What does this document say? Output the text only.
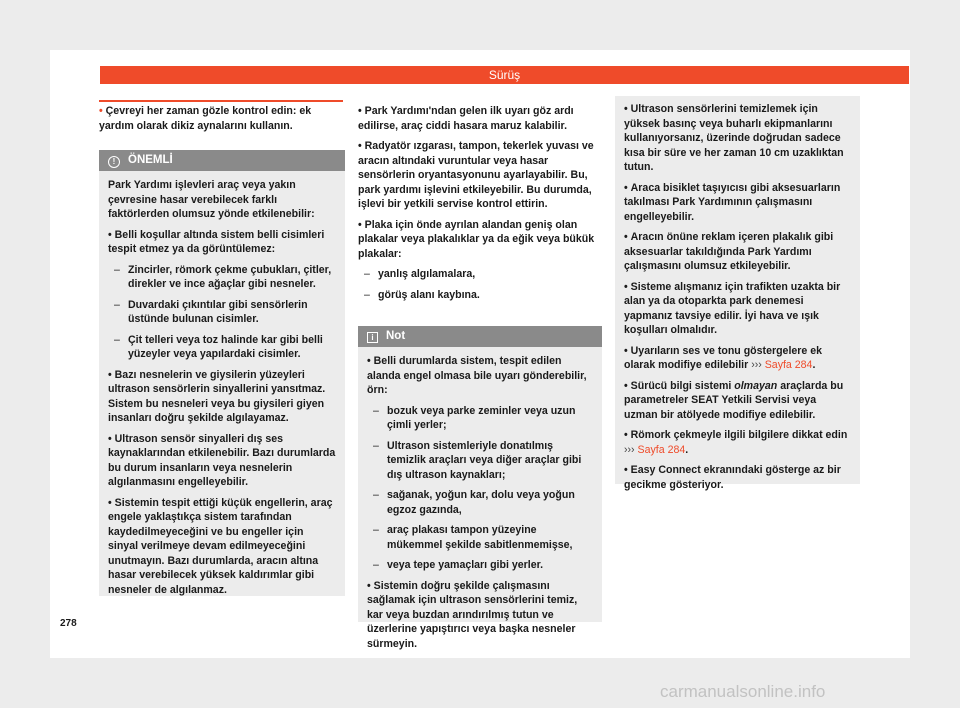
Sürüş

• Çevreyi her zaman gözle kontrol edin: ek yardım olarak dikiz aynalarını kullanın.

! ÖNEMLİ

Park Yardımı işlevleri araç veya yakın çevresine hasar verebilecek farklı faktörlerden olumsuz yönde etkilenebilir:

• Belli koşullar altında sistem belli cisimleri tespit etmez ya da görüntülemez:

– Zincirler, römork çekme çubukları, çitler, direkler ve ince ağaçlar gibi nesneler.

– Duvardaki çıkıntılar gibi sensörlerin üstünde bulunan cisimler.

– Çit telleri veya toz halinde kar gibi belli yüzeyler veya yapılardaki cisimler.

• Bazı nesnelerin ve giysilerin yüzeyleri ultrason sensörlerin sinyallerini yansıtmaz. Sistem bu nesneleri veya bu giysileri giyen insanları doğru şekilde algılayamaz.

• Ultrason sensör sinyalleri dış ses kaynaklarından etkilenebilir. Bazı durumlarda bu durum insanların veya nesnelerin algılanmasını engelleyebilir.

• Sistemin tespit ettiği küçük engellerin, araç engele yaklaştıkça sistem tarafından kaydedilmeyeceğini ve bu engeller için sinyal verilmeye devam edilmeyeceğini unutmayın. Bazı durumlarda, aracın altına hasar verebilecek yüksek kaldırımlar gibi nesneler de algılanmaz.

• Park Yardımı'ndan gelen ilk uyarı göz ardı edilirse, araç ciddi hasara maruz kalabilir.

• Radyatör ızgarası, tampon, tekerlek yuvası ve aracın altındaki vuruntular veya hasar sensörlerin oryantasyonunu ayarlayabilir. Bu, park yardımı işlevini etkileyebilir. Bu durumda, işlevi bir yetkili servise kontrol ettirin.

• Plaka için önde ayrılan alandan geniş olan plakalar veya plakalıklar ya da eğik veya bükük plakalar:

– yanlış algılamalara,

– görüş alanı kaybına.

i Not

• Belli durumlarda sistem, tespit edilen alanda engel olmasa bile uyarı gönderebilir, örn:

– bozuk veya parke zeminler veya uzun çimli yerler;

– Ultrason sistemleriyle donatılmış temizlik araçları veya diğer araçlar gibi dış ultrason kaynakları;

– sağanak, yoğun kar, dolu veya yoğun egzoz gazında,

– araç plakası tampon yüzeyine mükemmel şekilde sabitlenmemişse,

– veya tepe yamaçları gibi yerler.

• Sistemin doğru şekilde çalışmasını sağlamak için ultrason sensörlerini temiz, kar veya buzdan arındırılmış tutun ve üzerlerine yapıştırıcı veya başka nesneler sürmeyin.

• Ultrason sensörlerini temizlemek için yüksek basınç veya buharlı ekipmanlarını kullanıyorsanız, üzerinde doğrudan sadece kısa bir süre ve her zaman 10 cm uzaklıktan tutun.

• Araca bisiklet taşıyıcısı gibi aksesuarların takılması Park Yardımının çalışmasını engelleyebilir.

• Aracın önüne reklam içeren plakalık gibi aksesuarlar takıldığında Park Yardımı çalışmasını olumsuz etkileyebilir.

• Sisteme alışmanız için trafikten uzakta bir alan ya da otoparkta park denemesi yapmanız tavsiye edilir. İyi hava ve ışık koşulları olmalıdır.

• Uyarıların ses ve tonu göstergelere ek olarak modifiye edilebilir ››› Sayfa 284.

• Sürücü bilgi sistemi olmayan araçlarda bu parametreler SEAT Yetkili Servisi veya uzman bir atölyede modifiye edilebilir.

• Römork çekmeyle ilgili bilgilere dikkat edin ››› Sayfa 284.

• Easy Connect ekranındaki gösterge az bir gecikme gösteriyor.

278
carmanualsonline.info
